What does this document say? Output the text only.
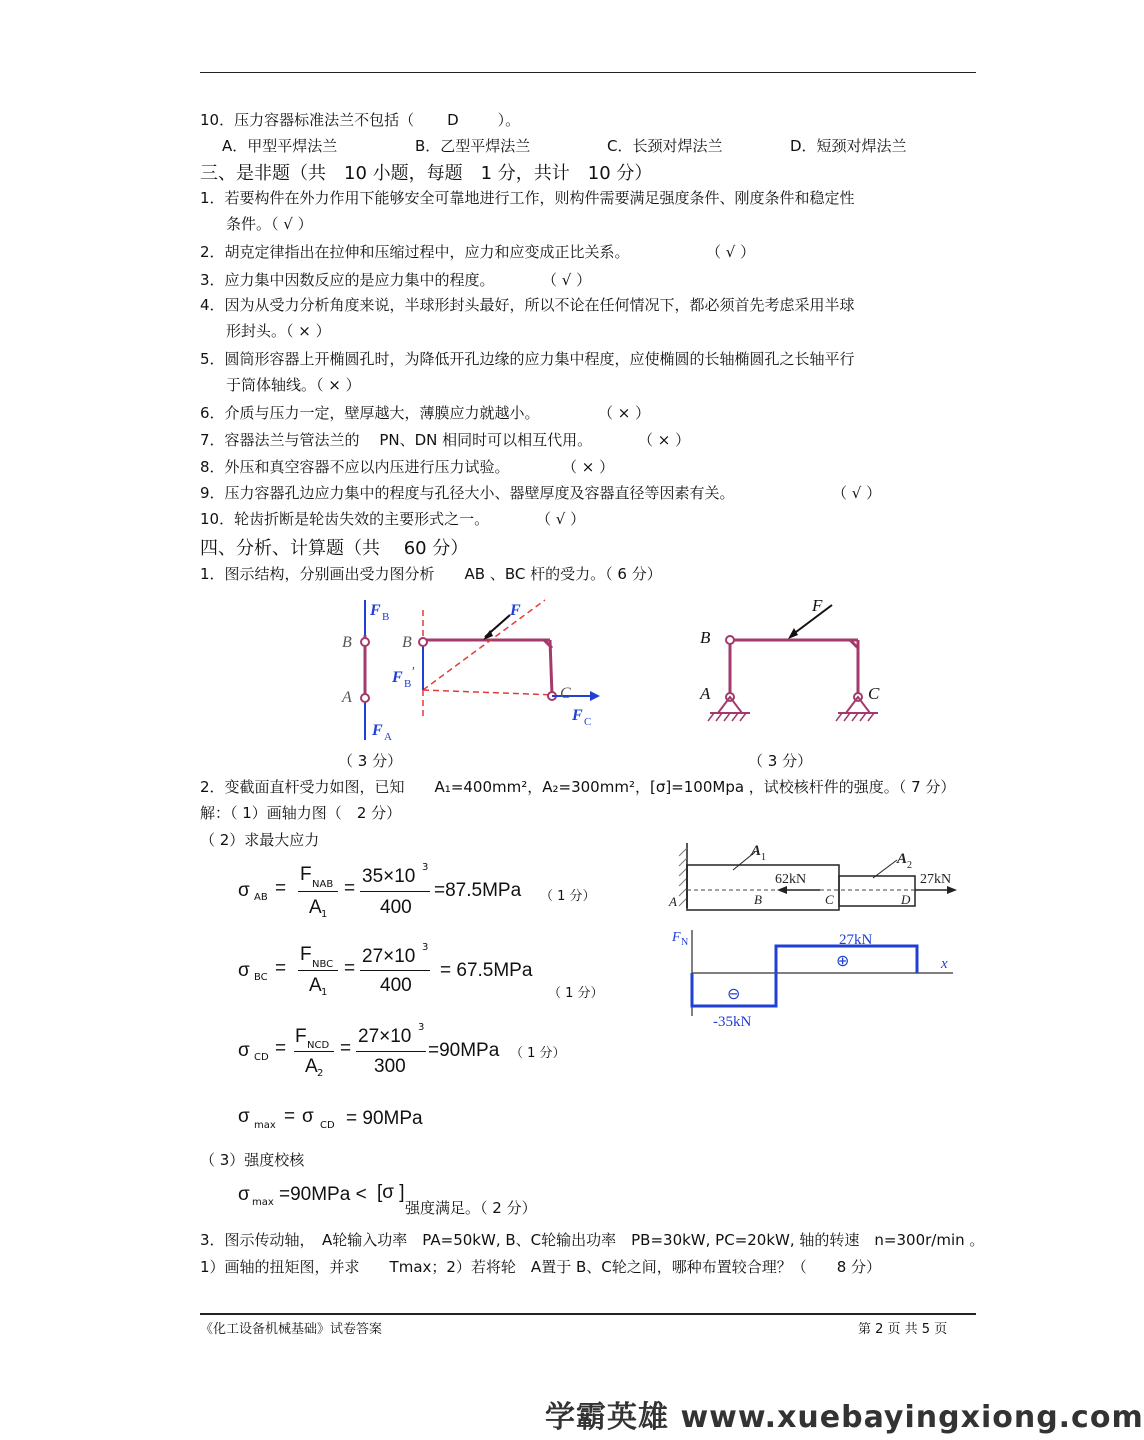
10．压力容器标准法兰不包括（ D	）。
A．甲型平焊法兰	B．乙型平焊法兰	C．长颈对焊法兰	D．短颈对焊法兰
三、是非题（共　10 小题，每题　1 分，共计　10 分）
1．若要构件在外力作用下能够安全可靠地进行工作，则构件需要满足强度条件、刚度条件和稳定性
条件。（ √ ）
2．胡克定律指出在拉伸和压缩过程中，应力和应变成正比关系。	（ √ ）
3．应力集中因数反应的是应力集中的程度。	（ √ ）
4．因为从受力分析角度来说，半球形封头最好，所以不论在任何情况下，都必须首先考虑采用半球
形封头。（ × ）
5．圆筒形容器上开椭圆孔时，为降低开孔边缘的应力集中程度，应使椭圆的长轴椭圆孔之长轴平行
于筒体轴线。（ × ）
6．介质与压力一定，壁厚越大，薄膜应力就越小。	（ × ）
7．容器法兰与管法兰的　 PN、DN 相同时可以相互代用。	（ × ）
8．外压和真空容器不应以内压进行压力试验。	（ × ）
9．压力容器孔边应力集中的程度与孔径大小、器壁厚度及容器直径等因素有关。	（ √ ）
10．轮齿折断是轮齿失效的主要形式之一。	（ √ ）
四、分析、计算题（共　 60 分）
1．图示结构，分别画出受力图分析　　AB 、BC 杆的受力。（ 6 分）
F B
B
A
F A
B
F
F B
′
C
F C
F
B
A	C
（ 3 分）	（ 3 分）
2．变截面直杆受力如图，已知　　A₁=400mm²，A₂=300mm²，[σ]=100Mpa ，试校核杆件的强度。（ 7 分）
解：（ 1）画轴力图（　2 分）
（ 2）求最大应力
σ AB =
F NAB
A 1
=
35×10 3
400
=87.5MPa （ 1 分）
σ BC =
F NBC
A 1
=
27×10 3
400
= 67.5MPa
（ 1 分）
σ CD =
F NCD
A 2
=
27×10 3
300
=90MPa （ 1 分）
σ max = σ CD = 90MPa
（ 3）强度校核
σ max =90MPa < [σ ]
强度满足。（ 2 分）
A 1	A 2
62kN	27kN
A	B	C	D
F N	27kN
-35kN
x
⊕
⊖
3．图示传动轴，　A轮输入功率　PA=50kW, B、C轮输出功率　PB=30kW, PC=20kW, 轴的转速　n=300r/min 。
1）画轴的扭矩图，并求　　Tmax；2）若将轮　A置于 B、C轮之间，哪种布置较合理？（　　8 分）
《化工设备机械基础》试卷答案	第 2 页 共 5 页
学霸英雄 www.xuebayingxiong.com
